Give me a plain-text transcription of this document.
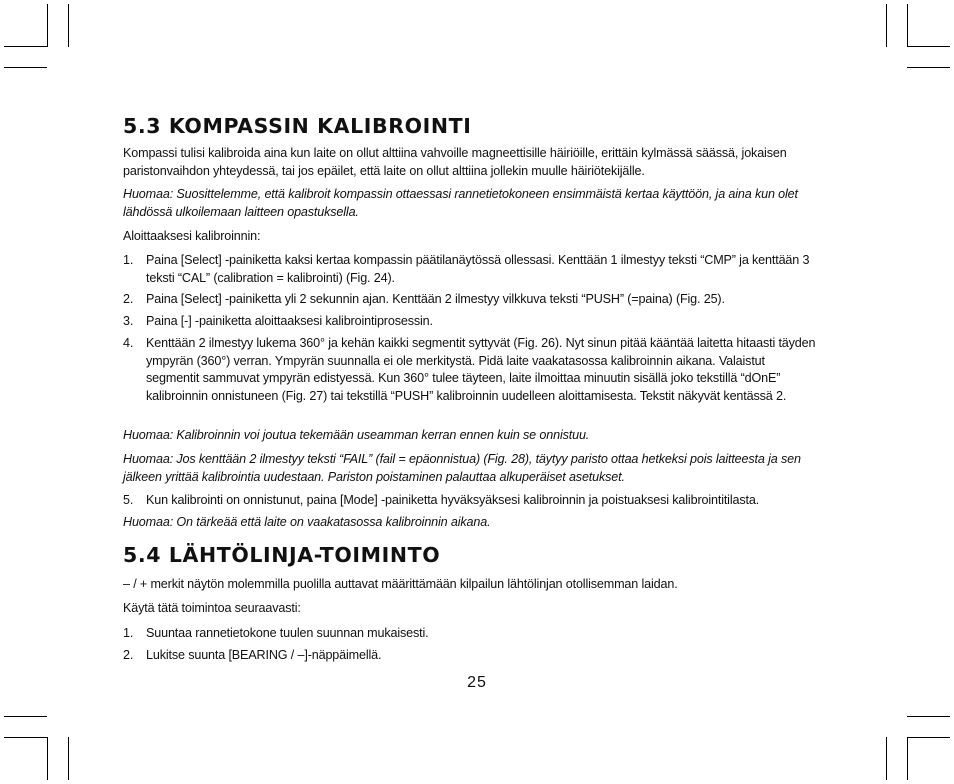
5.3 KOMPASSIN KALIBROINTI

Kompassi tulisi kalibroida aina kun laite on ollut alttiina vahvoille magneettisille häiriöille, erittäin kylmässä säässä, jokaisen paristonvaihdon yhteydessä, tai jos epäilet, että laite on ollut alttiina jollekin muulle häiriötekijälle.

Huomaa: Suosittelemme, että kalibroit kompassin ottaessasi rannetietokoneen ensimmäistä kertaa käyttöön, ja aina kun olet lähdössä ulkoilemaan laitteen opastuksella.

Aloittaaksesi kalibroinnin:

1.	Paina [Select] -painiketta kaksi kertaa kompassin päätilanäytössä ollessasi. Kenttään 1 ilmestyy teksti “CMP” ja kenttään 3 teksti “CAL” (calibration = kalibrointi) (Fig. 24).
2.	Paina [Select] -painiketta yli 2 sekunnin ajan. Kenttään 2 ilmestyy vilkkuva teksti “PUSH” (=paina) (Fig. 25).
3.	Paina [-] -painiketta aloittaaksesi kalibrointiprosessin.
4.	Kenttään 2 ilmestyy lukema 360° ja kehän kaikki segmentit syttyvät (Fig. 26). Nyt sinun pitää kääntää laitetta hitaasti täyden ympyrän (360°) verran. Ympyrän suunnalla ei ole merkitystä. Pidä laite vaakatasossa kalibroinnin aikana. Valaistut segmentit sammuvat ympyrän edistyessä. Kun 360° tulee täyteen, laite ilmoittaa minuutin sisällä joko tekstillä “dOnE” kalibroinnin onnistuneen (Fig. 27) tai tekstillä “PUSH” kalibroinnin uudelleen aloittamisesta. Tekstit näkyvät kentässä 2.

Huomaa: Kalibroinnin voi joutua tekemään useamman kerran ennen kuin se onnistuu.

Huomaa: Jos kenttään 2 ilmestyy teksti “FAIL” (fail = epäonnistua) (Fig. 28), täytyy paristo ottaa hetkeksi pois laitteesta ja sen jälkeen yrittää kalibrointia uudestaan. Pariston poistaminen palauttaa alkuperäiset asetukset.

5.	Kun kalibrointi on onnistunut, paina [Mode] -painiketta hyväksyäksesi kalibroinnin ja poistuaksesi kalibrointitilasta.

Huomaa: On tärkeää että laite on vaakatasossa kalibroinnin aikana.

5.4 LÄHTÖLINJA-TOIMINTO

– / + merkit näytön molemmilla puolilla auttavat määrittämään kilpailun lähtölinjan otollisemman laidan.

Käytä tätä toimintoa seuraavasti:

1.	Suuntaa rannetietokone tuulen suunnan mukaisesti.
2.	Lukitse suunta [BEARING / –]-näppäimellä.
25
